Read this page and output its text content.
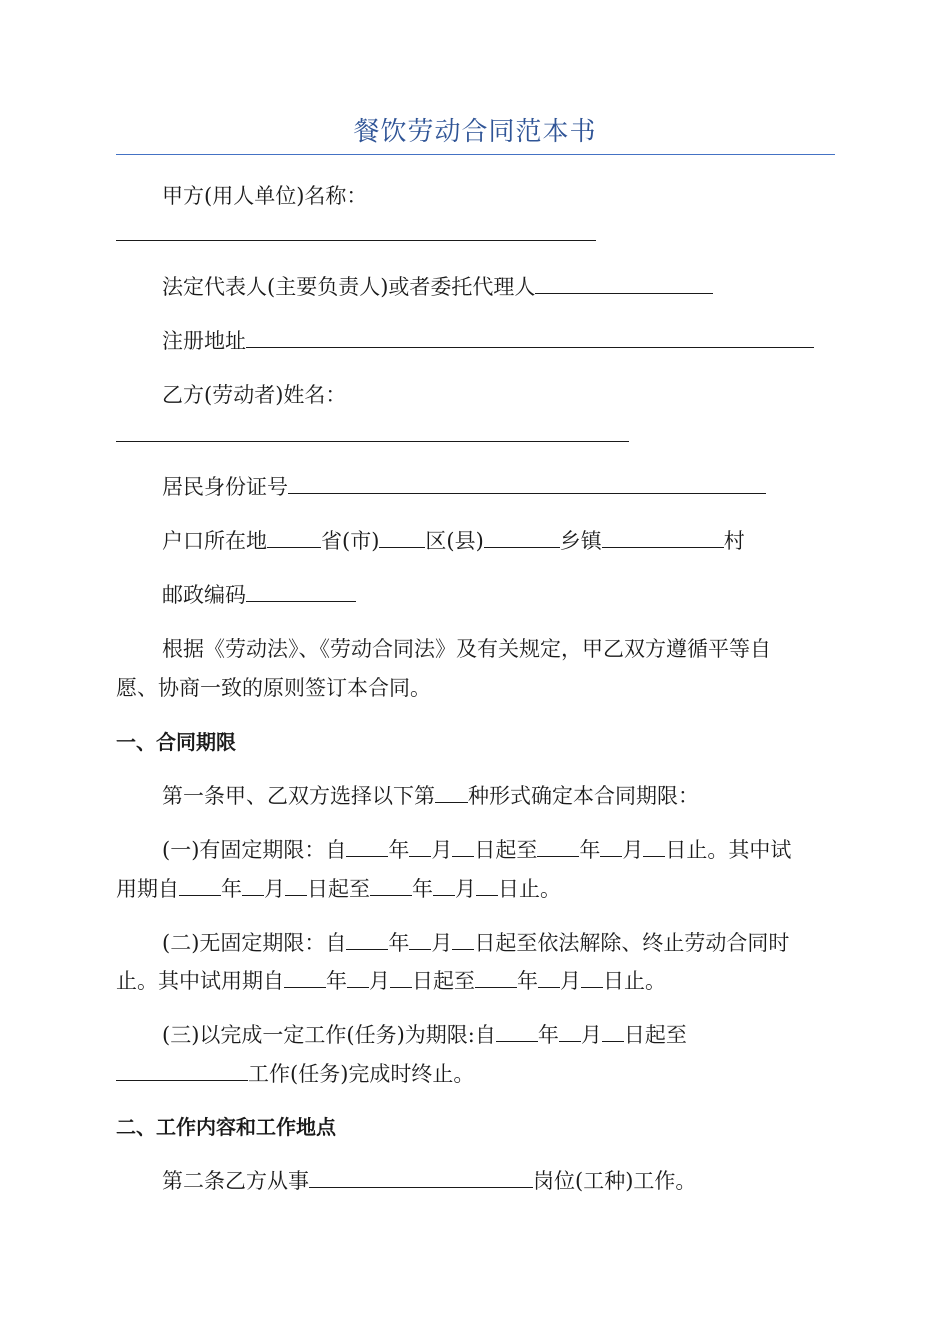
餐饮劳动合同范本书
甲方(用人单位)名称：
法定代表人(主要负责人)或者委托代理人
注册地址
乙方(劳动者)姓名：
居民身份证号
户口所在地	省(市) 区(县)	乡镇	村
邮政编码
根据《劳动法》、《劳动合同法》及有关规定，甲乙双方遵循平等自
愿、协商一致的原则签订本合同。
一、合同期限
第一条甲、乙双方选择以下第 种形式确定本合同期限：
(一)有固定期限：自 年 月 日起至 年 月 日止。其中试
用期自 年 月 日起至 年 月 日止。
(二)无固定期限：自 年 月 日起至依法解除、终止劳动合同时
止。其中试用期自 年 月 日起至 年 月 日止。
(三)以完成一定工作(任务)为期限:自 年 月 日起至
工作(任务)完成时终止。
二、工作内容和工作地点
第二条乙方从事	岗位(工种)工作。
